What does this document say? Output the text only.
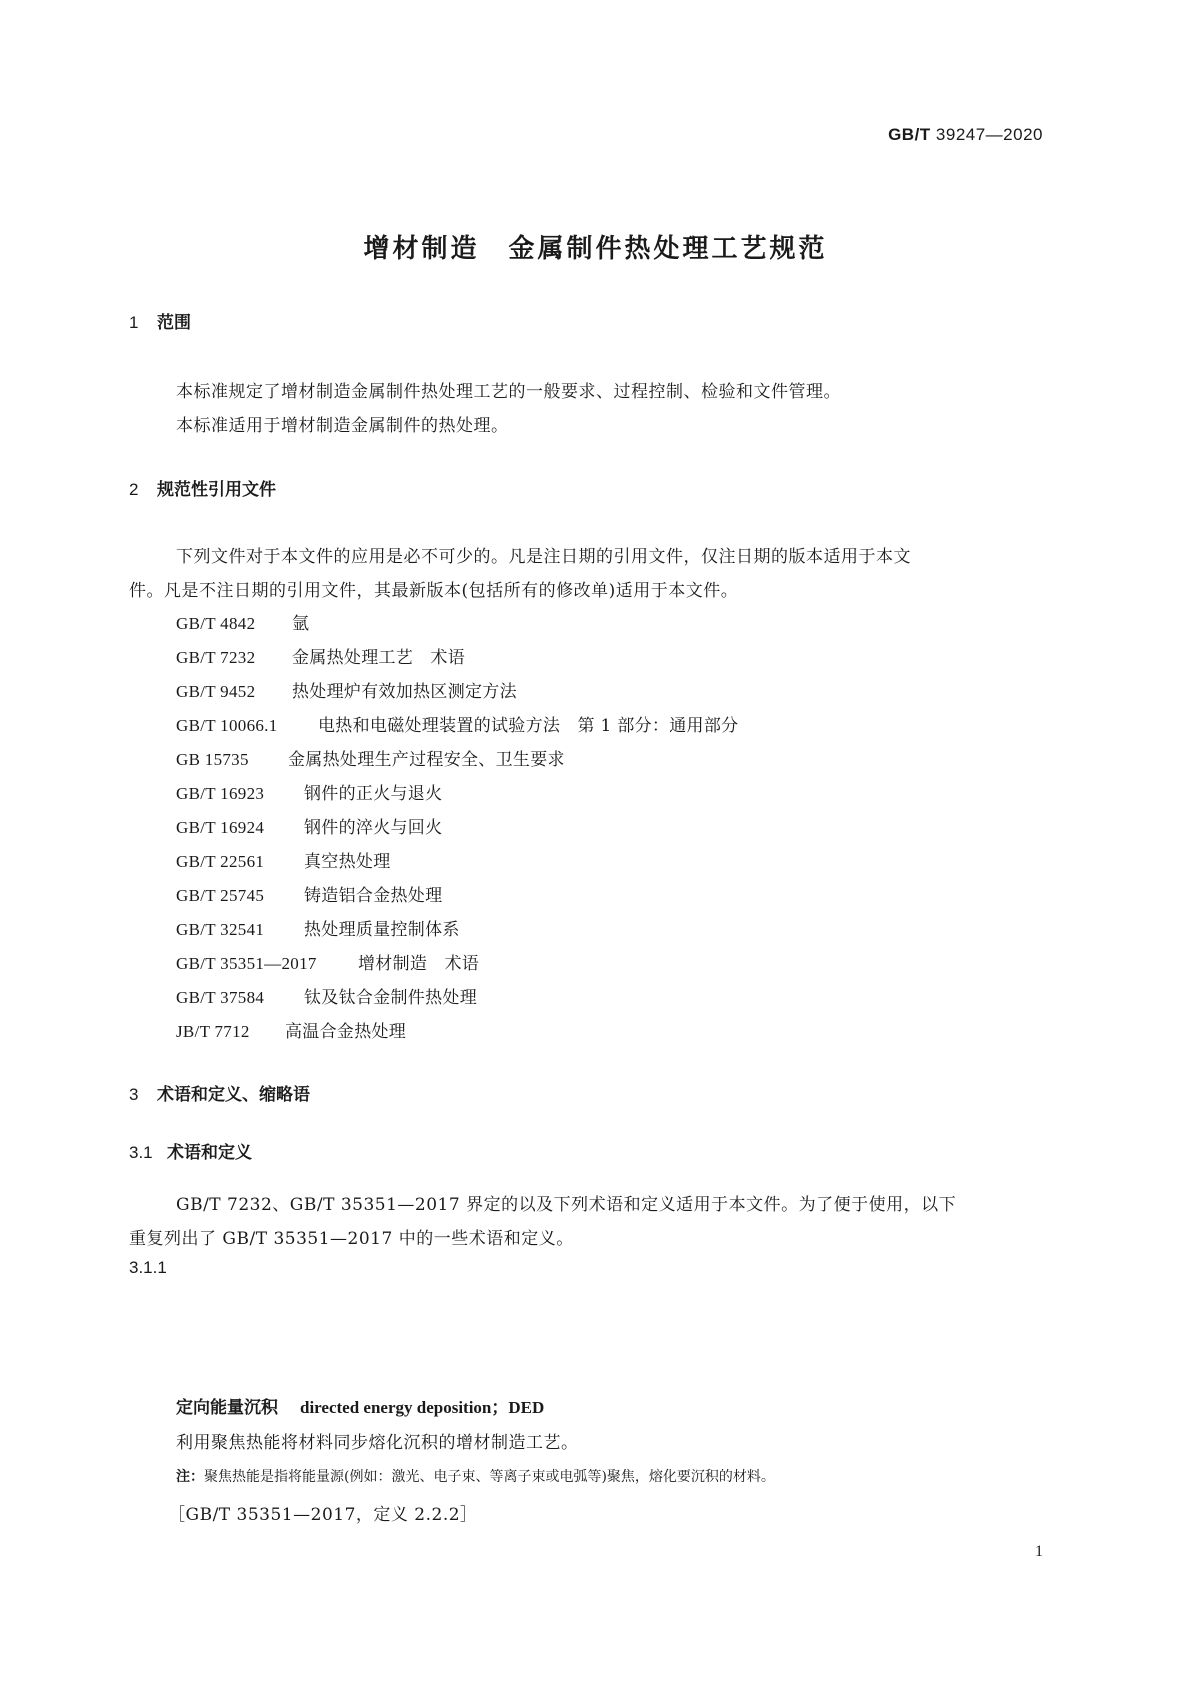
GB/T 39247—2020
增材制造　金属制件热处理工艺规范
1 范围
本标准规定了增材制造金属制件热处理工艺的一般要求、过程控制、检验和文件管理。
本标准适用于增材制造金属制件的热处理。
2 规范性引用文件
下列文件对于本文件的应用是必不可少的。凡是注日期的引用文件，仅注日期的版本适用于本文
件。凡是不注日期的引用文件，其最新版本(包括所有的修改单)适用于本文件。
GB/T 4842 氩
GB/T 7232 金属热处理工艺　术语
GB/T 9452 热处理炉有效加热区测定方法
GB/T 10066.1 电热和电磁处理装置的试验方法　第 1 部分：通用部分
GB 15735 金属热处理生产过程安全、卫生要求
GB/T 16923 钢件的正火与退火
GB/T 16924 钢件的淬火与回火
GB/T 22561 真空热处理
GB/T 25745 铸造铝合金热处理
GB/T 32541 热处理质量控制体系
GB/T 35351—2017 增材制造　术语
GB/T 37584 钛及钛合金制件热处理
JB/T 7712 高温合金热处理
3 术语和定义、缩略语
3.1 术语和定义
GB/T 7232、GB/T 35351—2017 界定的以及下列术语和定义适用于本文件。为了便于使用，以下
重复列出了 GB/T 35351—2017 中的一些术语和定义。
3.1.1
定向能量沉积 directed energy deposition；DED
利用聚焦热能将材料同步熔化沉积的增材制造工艺。
注：聚焦热能是指将能量源(例如：激光、电子束、等离子束或电弧等)聚焦，熔化要沉积的材料。
［GB/T 35351—2017，定义 2.2.2］
1
